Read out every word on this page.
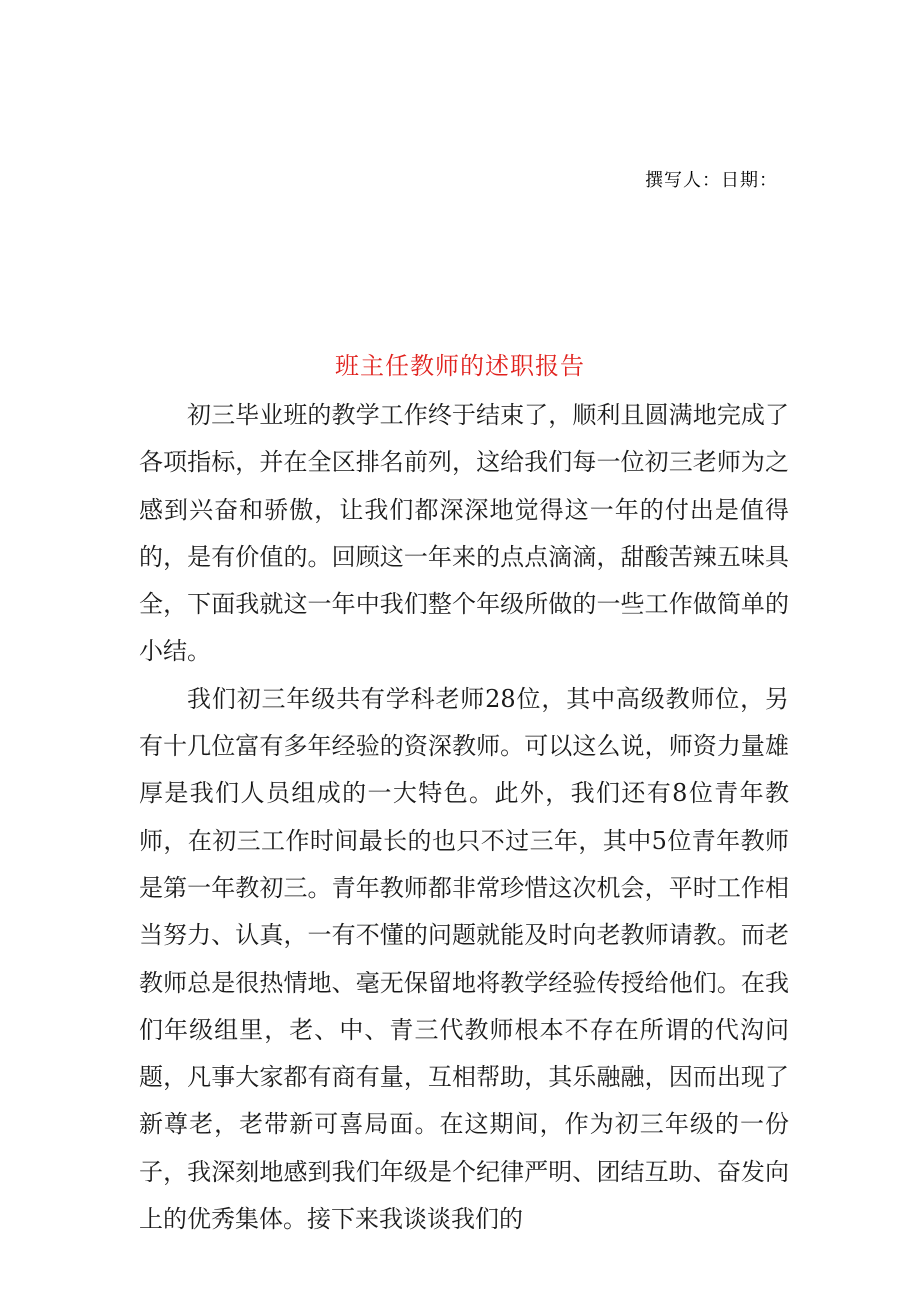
撰写人：日期：
班主任教师的述职报告

初三毕业班的教学工作终于结束了，顺利且圆满地完成了各项指标，并在全区排名前列，这给我们每一位初三老师为之感到兴奋和骄傲，让我们都深深地觉得这一年的付出是值得的，是有价值的。回顾这一年来的点点滴滴，甜酸苦辣五味具全，下面我就这一年中我们整个年级所做的一些工作做简单的小结。

我们初三年级共有学科老师28位，其中高级教师位，另有十几位富有多年经验的资深教师。可以这么说，师资力量雄厚是我们人员组成的一大特色。此外，我们还有8位青年教师，在初三工作时间最长的也只不过三年，其中5位青年教师是第一年教初三。青年教师都非常珍惜这次机会，平时工作相当努力、认真，一有不懂的问题就能及时向老教师请教。而老教师总是很热情地、毫无保留地将教学经验传授给他们。在我们年级组里，老、中、青三代教师根本不存在所谓的代沟问题，凡事大家都有商有量，互相帮助，其乐融融，因而出现了新尊老，老带新可喜局面。在这期间，作为初三年级的一份子，我深刻地感到我们年级是个纪律严明、团结互助、奋发向上的优秀集体。接下来我谈谈我们的
